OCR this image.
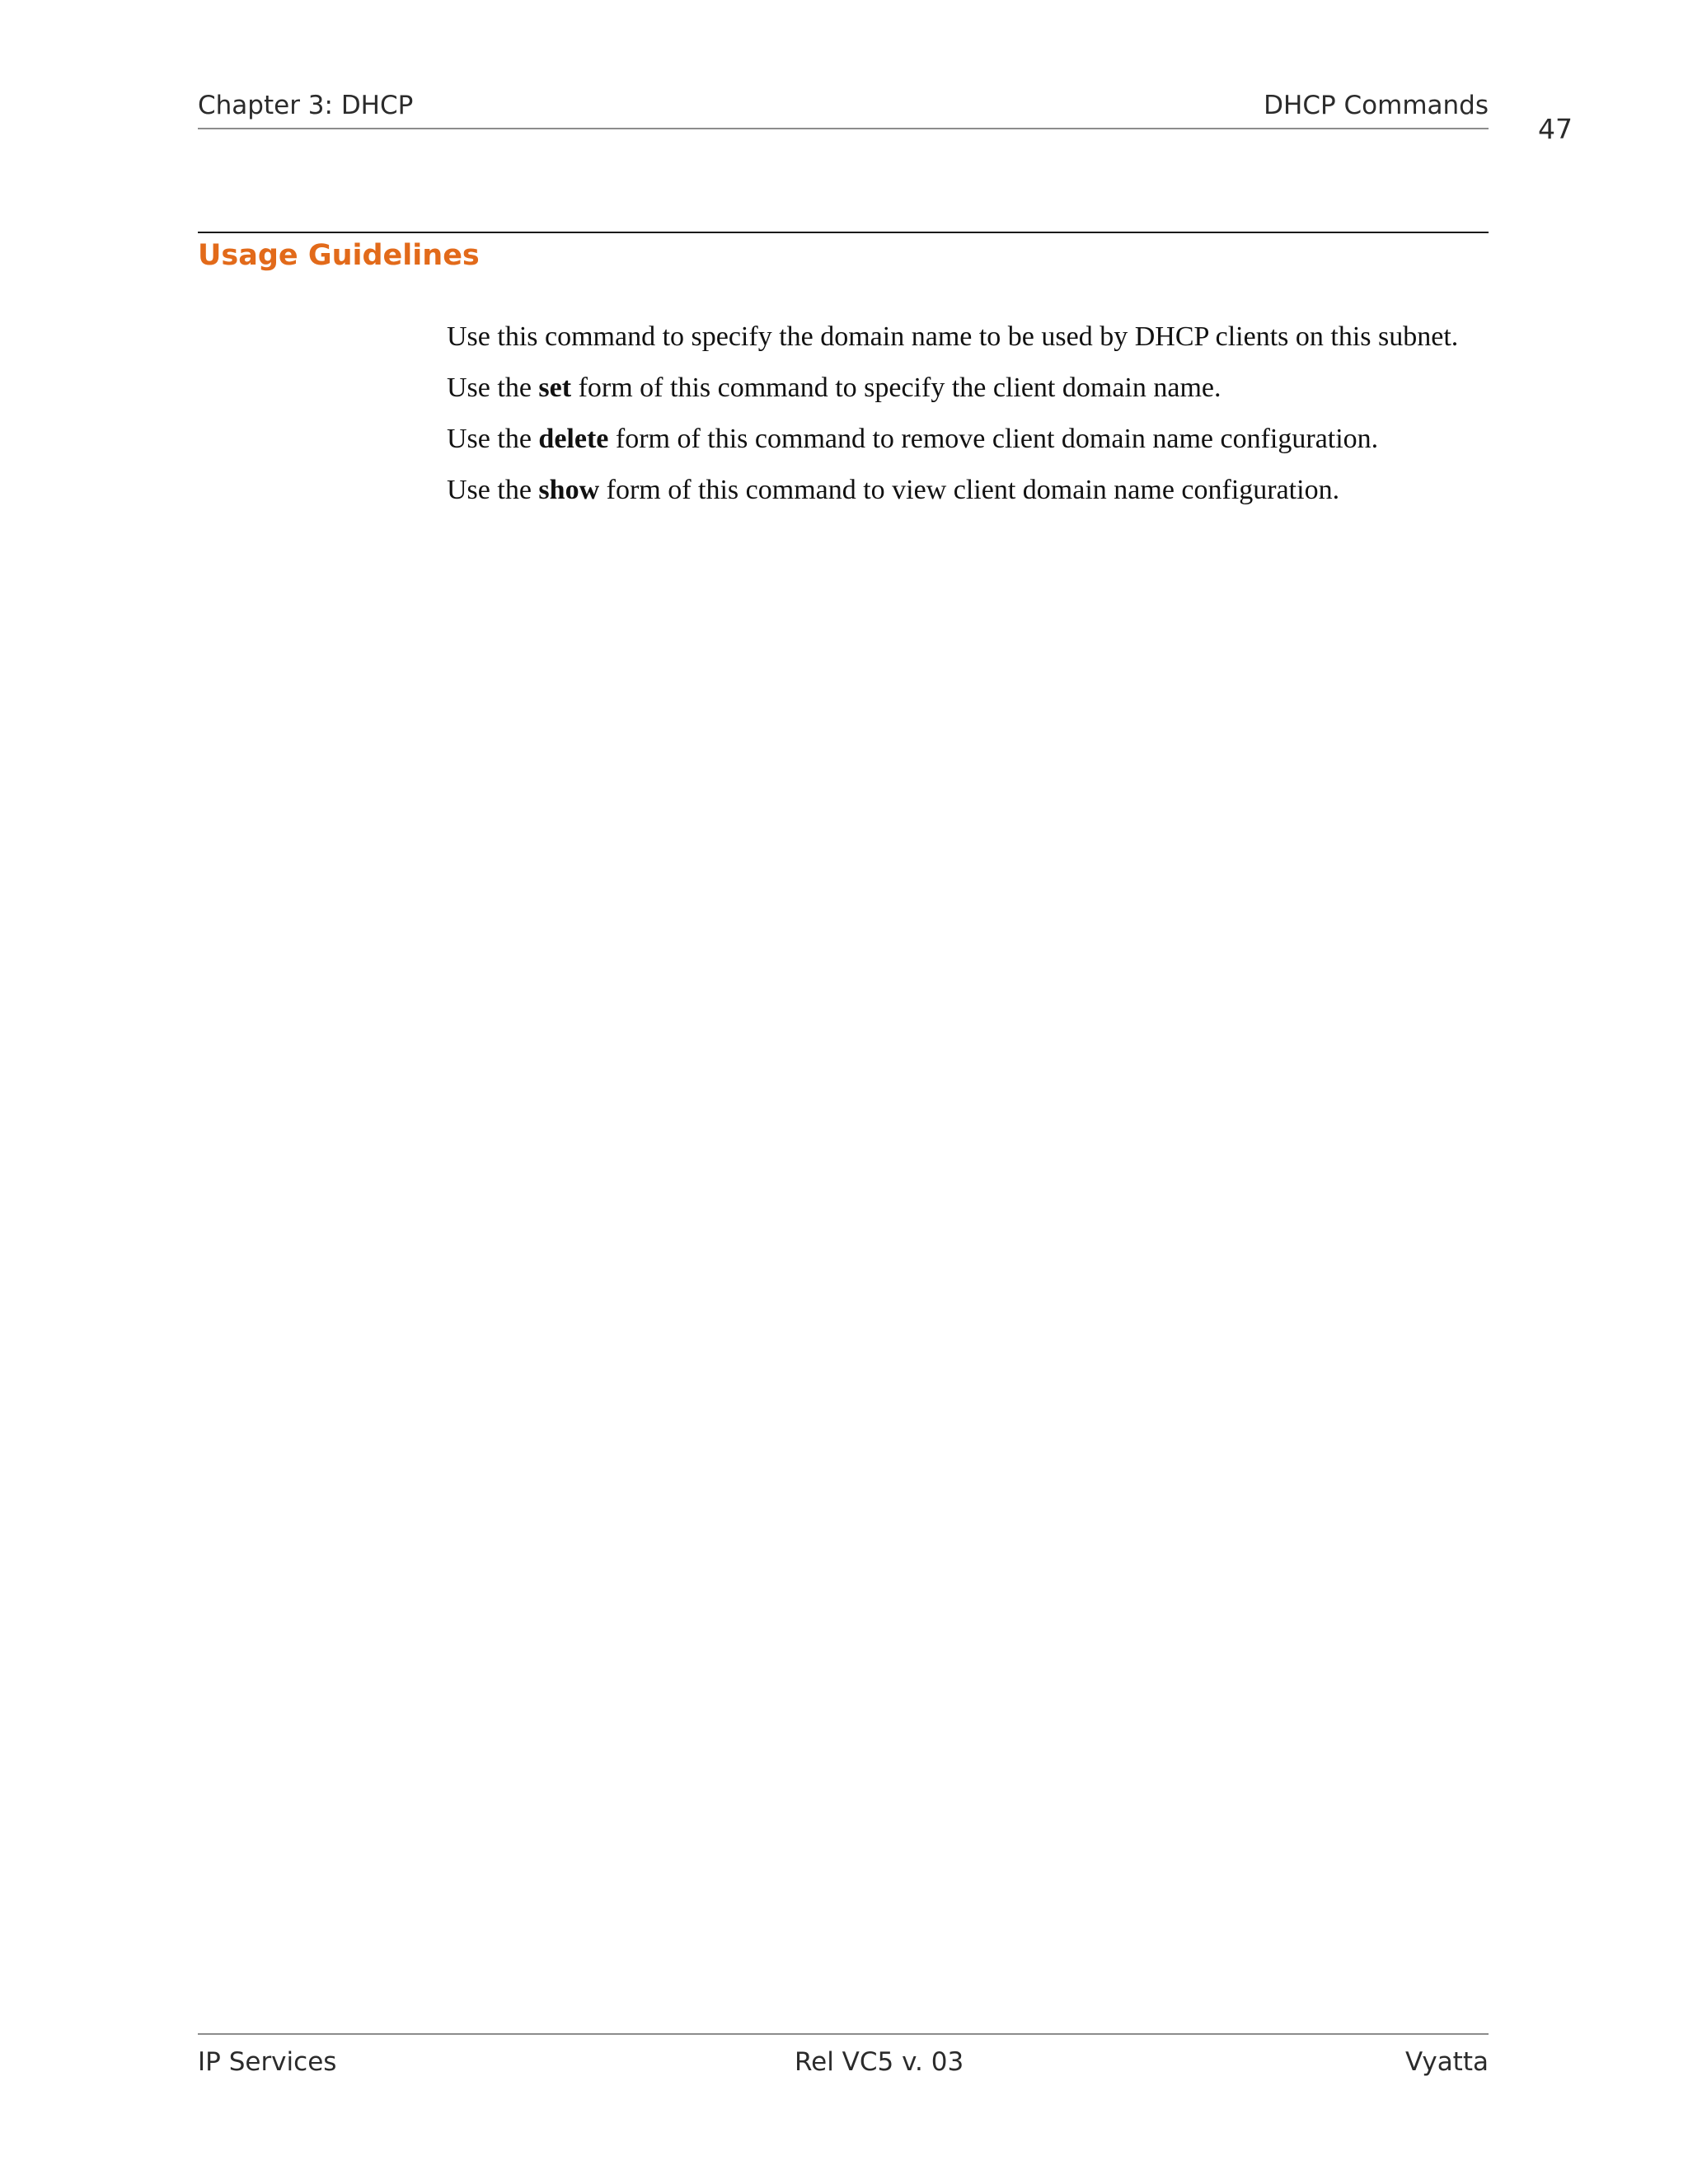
Chapter 3: DHCP	DHCP Commands
47
Usage Guidelines

Use this command to specify the domain name to be used by DHCP clients on this subnet.

Use the set form of this command to specify the client domain name.

Use the delete form of this command to remove client domain name configuration.

Use the show form of this command to view client domain name configuration.

IP Services	Rel VC5 v. 03	Vyatta
